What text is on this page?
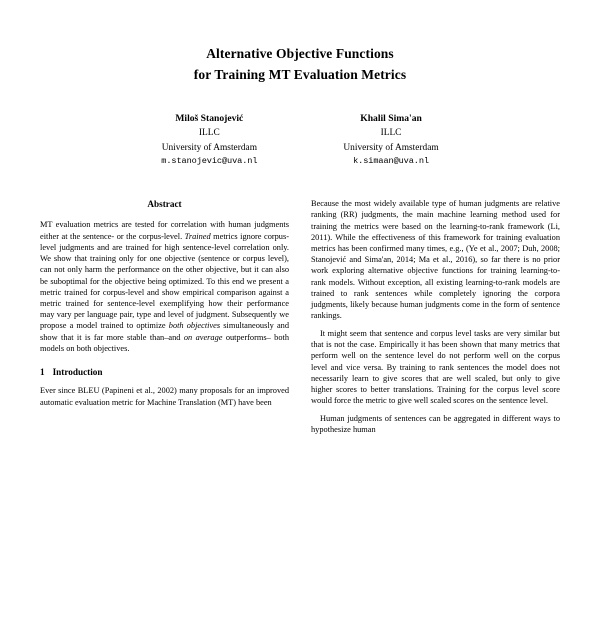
Alternative Objective Functions
for Training MT Evaluation Metrics
Miloš Stanojević
ILLC
University of Amsterdam
m.stanojevic@uva.nl
Khalil Sima'an
ILLC
University of Amsterdam
k.simaan@uva.nl
Abstract

MT evaluation metrics are tested for correlation with human judgments either at the sentence- or the corpus-level. Trained metrics ignore corpus-level judgments and are trained for high sentence-level correlation only. We show that training only for one objective (sentence or corpus level), can not only harm the performance on the other objective, but it can also be suboptimal for the objective being optimized. To this end we present a metric trained for corpus-level and show empirical comparison against a metric trained for sentence-level exemplifying how their performance may vary per language pair, type and level of judgment. Subsequently we propose a model trained to optimize both objectives simultaneously and show that it is far more stable than–and on average outperforms– both models on both objectives.

1 Introduction

Ever since BLEU (Papineni et al., 2002) many proposals for an improved automatic evaluation metric for Machine Translation (MT) have been

Because the most widely available type of human judgments are relative ranking (RR) judgments, the main machine learning method used for training the metrics were based on the learning-to-rank framework (Li, 2011). While the effectiveness of this framework for training evaluation metrics has been confirmed many times, e.g., (Ye et al., 2007; Duh, 2008; Stanojević and Sima'an, 2014; Ma et al., 2016), so far there is no prior work exploring alternative objective functions for training learning-to-rank models. Without exception, all existing learning-to-rank models are trained to rank sentences while completely ignoring the corpora judgments, likely because human judgments come in the form of sentence rankings.

It might seem that sentence and corpus level tasks are very similar but that is not the case. Empirically it has been shown that many metrics that perform well on the sentence level do not perform well on the corpus level and vice versa. By training to rank sentences the model does not necessarily learn to give scores that are well scaled, but only to give higher scores to better translations. Training for the corpus level score would force the metric to give well scaled scores on the sentence level.

Human judgments of sentences can be aggregated in different ways to hypothesize human
